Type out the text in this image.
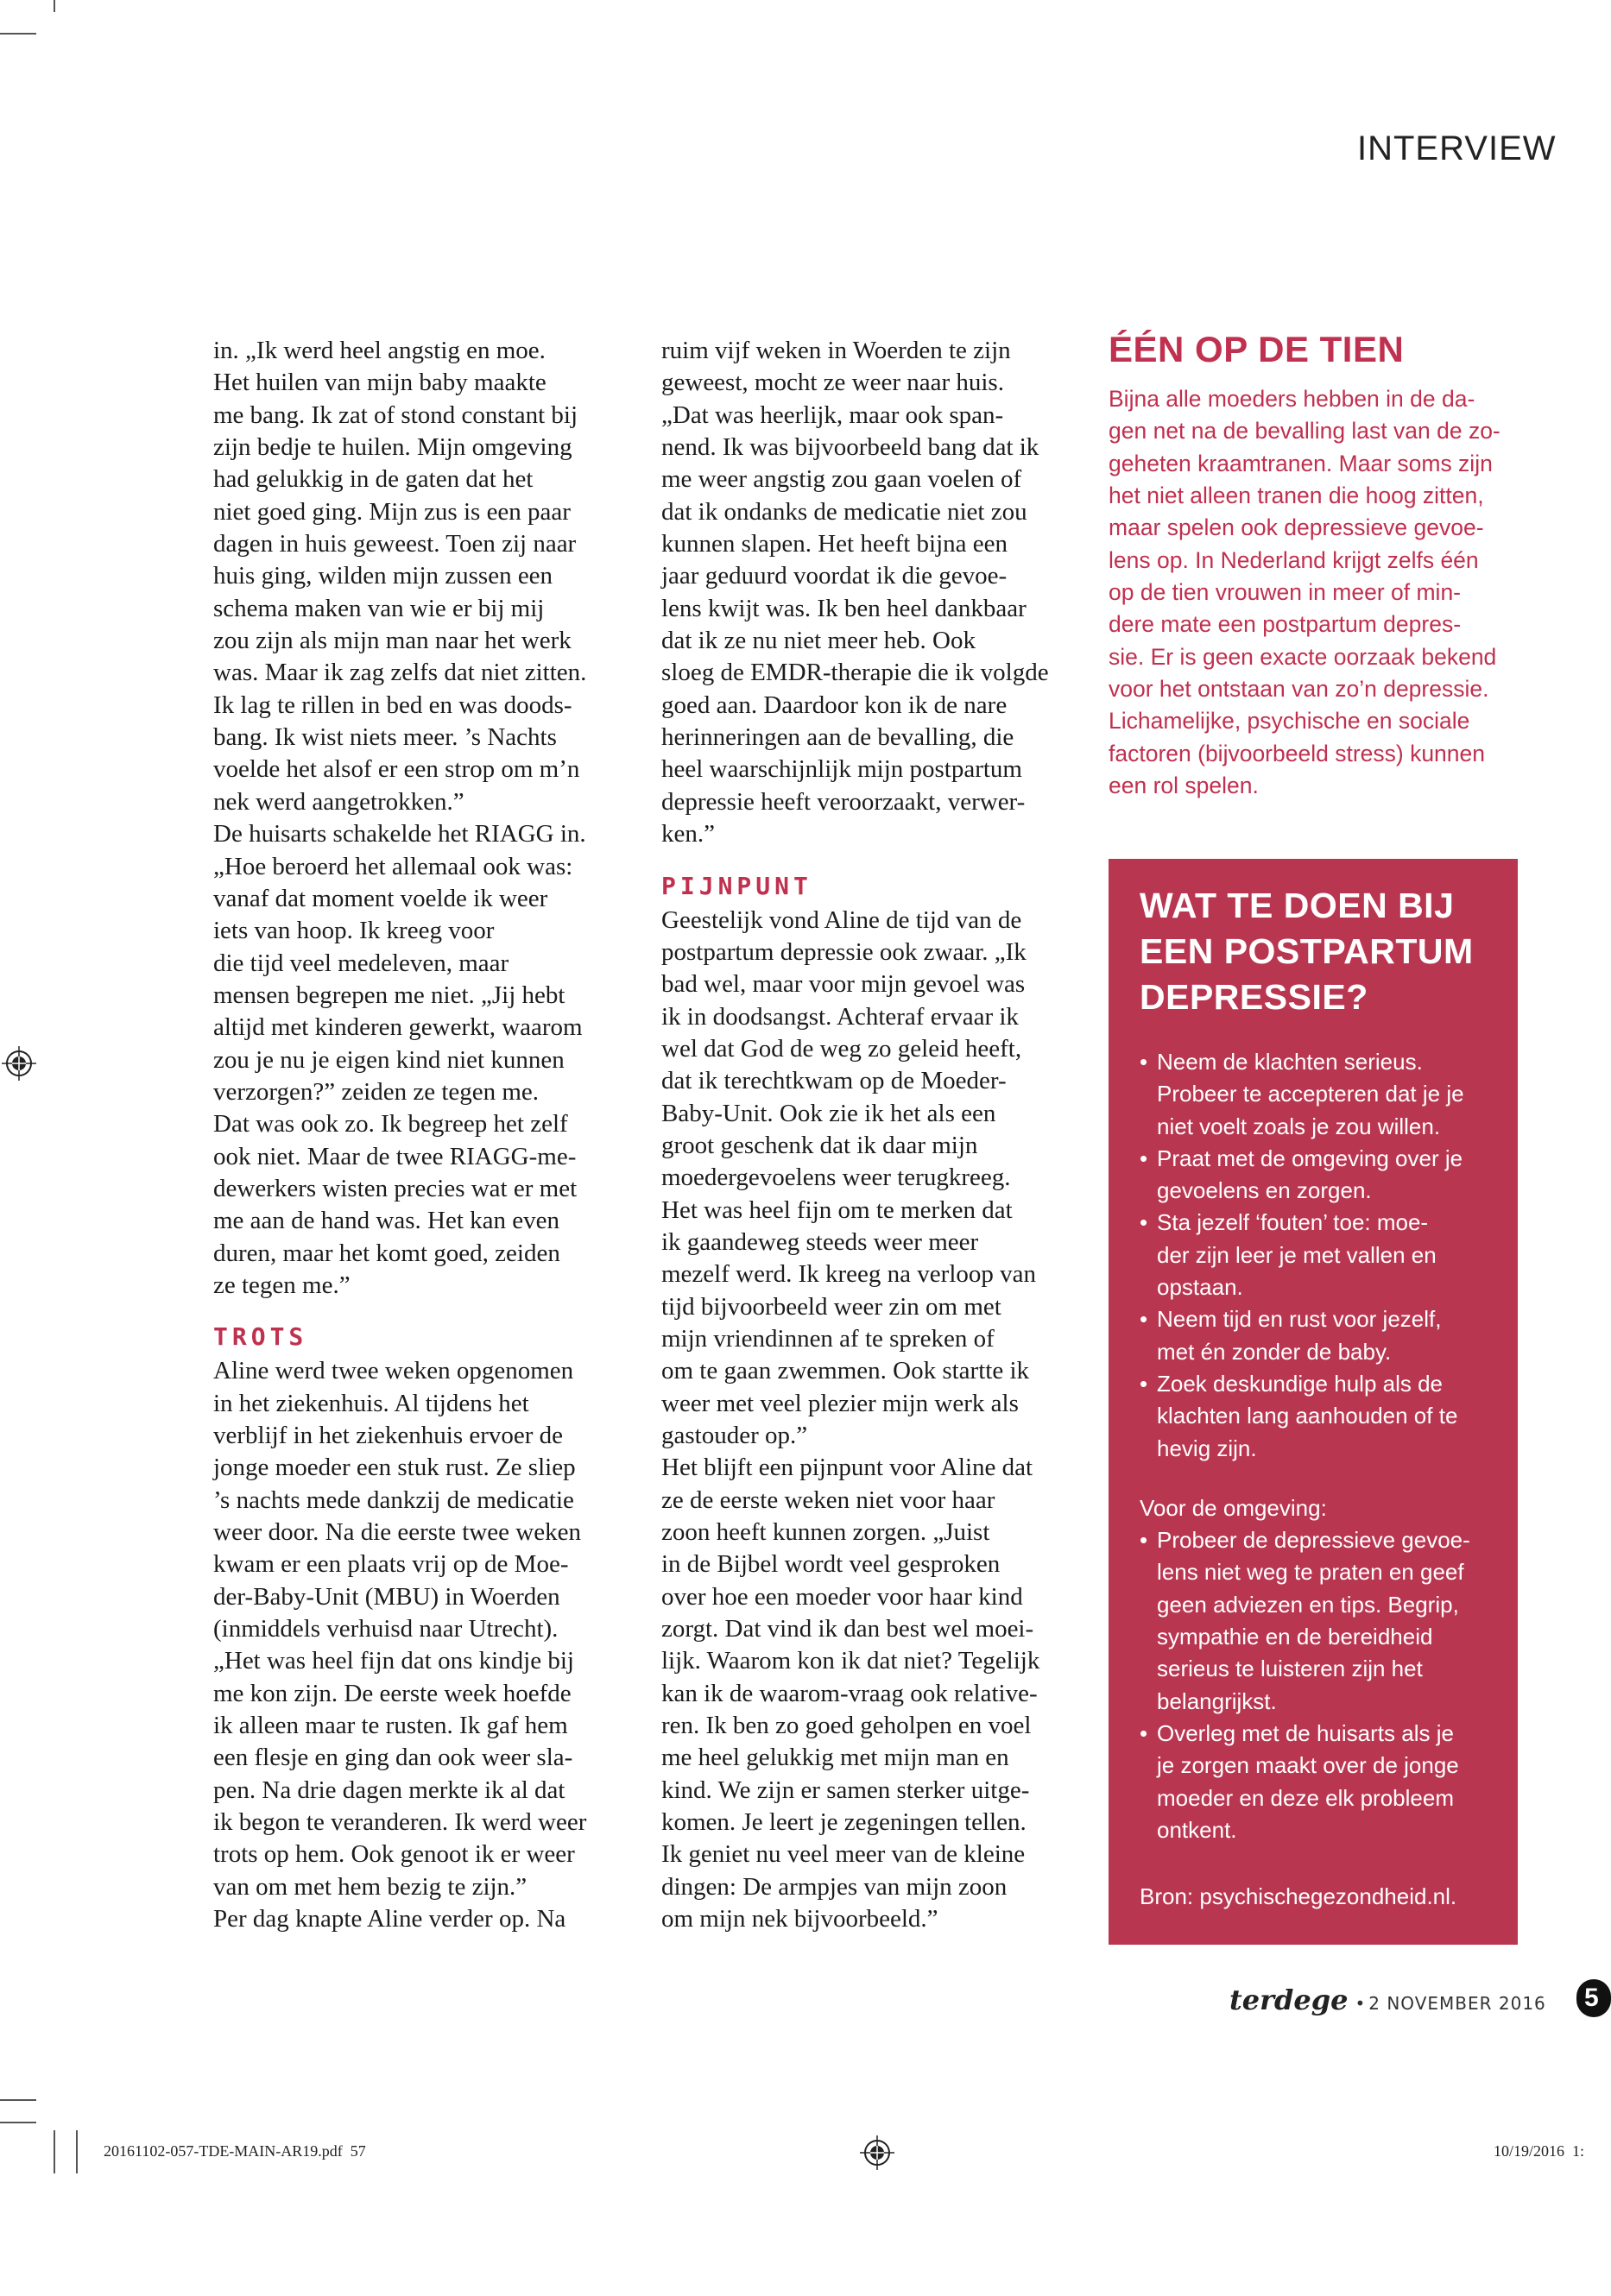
INTERVIEW
in. „Ik werd heel angstig en moe.
Het huilen van mijn baby maakte
me bang. Ik zat of stond constant bij
zijn bedje te huilen. Mijn omgeving
had gelukkig in de gaten dat het
niet goed ging. Mijn zus is een paar
dagen in huis geweest. Toen zij naar
huis ging, wilden mijn zussen een
schema maken van wie er bij mij
zou zijn als mijn man naar het werk
was. Maar ik zag zelfs dat niet zitten.
Ik lag te rillen in bed en was doods-
bang. Ik wist niets meer. ’s Nachts
voelde het alsof er een strop om m’n
nek werd aangetrokken.”
De huisarts schakelde het RIAGG in.
„Hoe beroerd het allemaal ook was:
vanaf dat moment voelde ik weer
iets van hoop. Ik kreeg voor
die tijd veel medeleven, maar
mensen begrepen me niet. „Jij hebt
altijd met kinderen gewerkt, waarom
zou je nu je eigen kind niet kunnen
verzorgen?” zeiden ze tegen me.
Dat was ook zo. Ik begreep het zelf
ook niet. Maar de twee RIAGG-me-
dewerkers wisten precies wat er met
me aan de hand was. Het kan even
duren, maar het komt goed, zeiden
ze tegen me.”
TROTS
Aline werd twee weken opgenomen
in het ziekenhuis. Al tijdens het
verblijf in het ziekenhuis ervoer de
jonge moeder een stuk rust. Ze sliep
’s nachts mede dankzij de medicatie
weer door. Na die eerste twee weken
kwam er een plaats vrij op de Moe-
der-Baby-Unit (MBU) in Woerden
(inmiddels verhuisd naar Utrecht).
„Het was heel fijn dat ons kindje bij
me kon zijn. De eerste week hoefde
ik alleen maar te rusten. Ik gaf hem
een flesje en ging dan ook weer sla-
pen. Na drie dagen merkte ik al dat
ik begon te veranderen. Ik werd weer
trots op hem. Ook genoot ik er weer
van om met hem bezig te zijn.”
Per dag knapte Aline verder op. Na
ruim vijf weken in Woerden te zijn
geweest, mocht ze weer naar huis.
„Dat was heerlijk, maar ook span-
nend. Ik was bijvoorbeeld bang dat ik
me weer angstig zou gaan voelen of
dat ik ondanks de medicatie niet zou
kunnen slapen. Het heeft bijna een
jaar geduurd voordat ik die gevoe-
lens kwijt was. Ik ben heel dankbaar
dat ik ze nu niet meer heb. Ook
sloeg de EMDR-therapie die ik volgde
goed aan. Daardoor kon ik de nare
herinneringen aan de bevalling, die
heel waarschijnlijk mijn postpartum
depressie heeft veroorzaakt, verwer-
ken.”
PIJNPUNT
Geestelijk vond Aline de tijd van de
postpartum depressie ook zwaar. „Ik
bad wel, maar voor mijn gevoel was
ik in doodsangst. Achteraf ervaar ik
wel dat God de weg zo geleid heeft,
dat ik terechtkwam op de Moeder-
Baby-Unit. Ook zie ik het als een
groot geschenk dat ik daar mijn
moedergevoelens weer terugkreeg.
Het was heel fijn om te merken dat
ik gaandeweg steeds weer meer
mezelf werd. Ik kreeg na verloop van
tijd bijvoorbeeld weer zin om met
mijn vriendinnen af te spreken of
om te gaan zwemmen. Ook startte ik
weer met veel plezier mijn werk als
gastouder op.”
Het blijft een pijnpunt voor Aline dat
ze de eerste weken niet voor haar
zoon heeft kunnen zorgen. „Juist
in de Bijbel wordt veel gesproken
over hoe een moeder voor haar kind
zorgt. Dat vind ik dan best wel moei-
lijk. Waarom kon ik dat niet? Tegelijk
kan ik de waarom-vraag ook relative-
ren. Ik ben zo goed geholpen en voel
me heel gelukkig met mijn man en
kind. We zijn er samen sterker uitge-
komen. Je leert je zegeningen tellen.
Ik geniet nu veel meer van de kleine
dingen: De armpjes van mijn zoon
om mijn nek bijvoorbeeld.”
ÉÉN OP DE TIEN
Bijna alle moeders hebben in de da-
gen net na de bevalling last van de zo-
geheten kraamtranen. Maar soms zijn
het niet alleen tranen die hoog zitten,
maar spelen ook depressieve gevoe-
lens op. In Nederland krijgt zelfs één
op de tien vrouwen in meer of min-
dere mate een postpartum depres-
sie. Er is geen exacte oorzaak bekend
voor het ontstaan van zo’n depressie.
Lichamelijke, psychische en sociale
factoren (bijvoorbeeld stress) kunnen
een rol spelen.
WAT TE DOEN BIJ
EEN POSTPARTUM
DEPRESSIE?
• Neem de klachten serieus.
Probeer te accepteren dat je je
niet voelt zoals je zou willen.
• Praat met de omgeving over je
gevoelens en zorgen.
• Sta jezelf ‘fouten’ toe: moe-
der zijn leer je met vallen en
opstaan.
• Neem tijd en rust voor jezelf,
met én zonder de baby.
• Zoek deskundige hulp als de
klachten lang aanhouden of te
hevig zijn.
Voor de omgeving:
• Probeer de depressieve gevoe-
lens niet weg te praten en geef
geen adviezen en tips. Begrip,
sympathie en de bereidheid
serieus te luisteren zijn het
belangrijkst.
• Overleg met de huisarts als je
je zorgen maakt over de jonge
moeder en deze elk probleem
ontkent.
Bron: psychischegezondheid.nl.
terdege • 2 NOVEMBER 2016	5
20161102-057-TDE-MAIN-AR19.pdf  57	10/19/2016  1:
